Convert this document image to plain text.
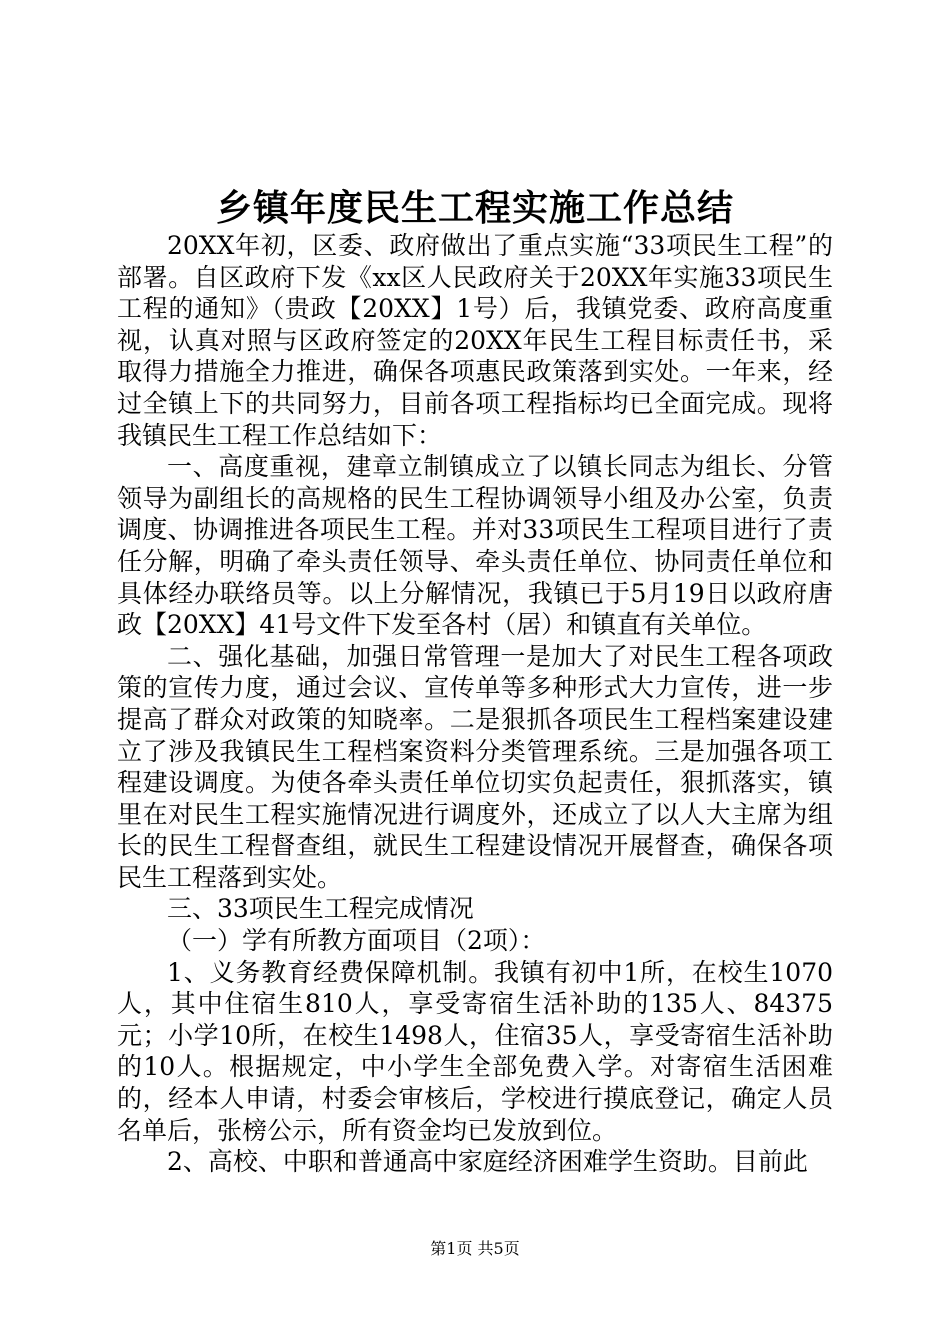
乡镇年度民生工程实施工作总结

20XX年初，区委、政府做出了重点实施“33项民生工程”的部署。自区政府下发《xx区人民政府关于20XX年实施33项民生工程的通知》（贵政【20XX】1号）后，我镇党委、政府高度重视，认真对照与区政府签定的20XX年民生工程目标责任书，采取得力措施全力推进，确保各项惠民政策落到实处。一年来，经过全镇上下的共同努力，目前各项工程指标均已全面完成。现将我镇民生工程工作总结如下：

一、高度重视，建章立制镇成立了以镇长同志为组长、分管领导为副组长的高规格的民生工程协调领导小组及办公室，负责调度、协调推进各项民生工程。并对33项民生工程项目进行了责任分解，明确了牵头责任领导、牵头责任单位、协同责任单位和具体经办联络员等。以上分解情况，我镇已于5月19日以政府唐政【20XX】41号文件下发至各村（居）和镇直有关单位。

二、强化基础，加强日常管理一是加大了对民生工程各项政策的宣传力度，通过会议、宣传单等多种形式大力宣传，进一步提高了群众对政策的知晓率。二是狠抓各项民生工程档案建设建立了涉及我镇民生工程档案资料分类管理系统。三是加强各项工程建设调度。为使各牵头责任单位切实负起责任，狠抓落实，镇里在对民生工程实施情况进行调度外，还成立了以人大主席为组长的民生工程督查组，就民生工程建设情况开展督查，确保各项民生工程落到实处。

三、33项民生工程完成情况

（一）学有所教方面项目（2项）：

1、义务教育经费保障机制。我镇有初中1所，在校生1070人，其中住宿生810人，享受寄宿生活补助的135人、84375元；小学10所，在校生1498人，住宿35人，享受寄宿生活补助的10人。根据规定，中小学生全部免费入学。对寄宿生活困难的，经本人申请，村委会审核后，学校进行摸底登记，确定人员名单后，张榜公示，所有资金均已发放到位。

2、高校、中职和普通高中家庭经济困难学生资助。目前此

第1页 共5页
